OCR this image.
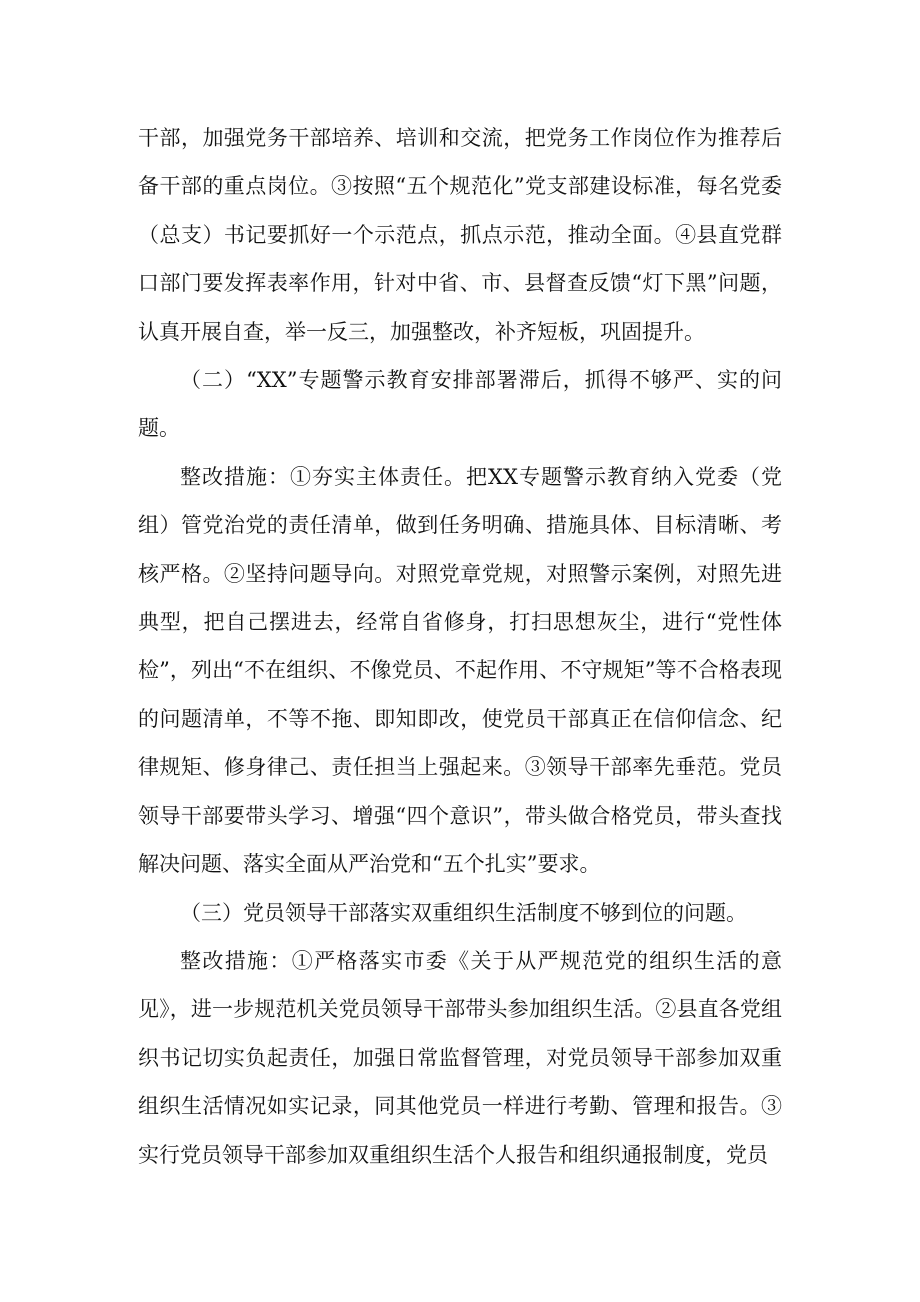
干部，加强党务干部培养、培训和交流，把党务工作岗位作为推荐后备干部的重点岗位。③按照“五个规范化”党支部建设标准，每名党委（总支）书记要抓好一个示范点，抓点示范，推动全面。④县直党群口部门要发挥表率作用，针对中省、市、县督查反馈“灯下黑”问题，认真开展自查，举一反三，加强整改，补齐短板，巩固提升。

（二）“XX”专题警示教育安排部署滞后，抓得不够严、实的问题。

整改措施：①夯实主体责任。把XX专题警示教育纳入党委（党组）管党治党的责任清单，做到任务明确、措施具体、目标清晰、考核严格。②坚持问题导向。对照党章党规，对照警示案例，对照先进典型，把自己摆进去，经常自省修身，打扫思想灰尘，进行“党性体检”，列出“不在组织、不像党员、不起作用、不守规矩”等不合格表现的问题清单，不等不拖、即知即改，使党员干部真正在信仰信念、纪律规矩、修身律己、责任担当上强起来。③领导干部率先垂范。党员领导干部要带头学习、增强“四个意识”，带头做合格党员，带头查找解决问题、落实全面从严治党和“五个扎实”要求。

（三）党员领导干部落实双重组织生活制度不够到位的问题。

整改措施：①严格落实市委《关于从严规范党的组织生活的意见》，进一步规范机关党员领导干部带头参加组织生活。②县直各党组织书记切实负起责任，加强日常监督管理，对党员领导干部参加双重组织生活情况如实记录，同其他党员一样进行考勤、管理和报告。③实行党员领导干部参加双重组织生活个人报告和组织通报制度，党员
